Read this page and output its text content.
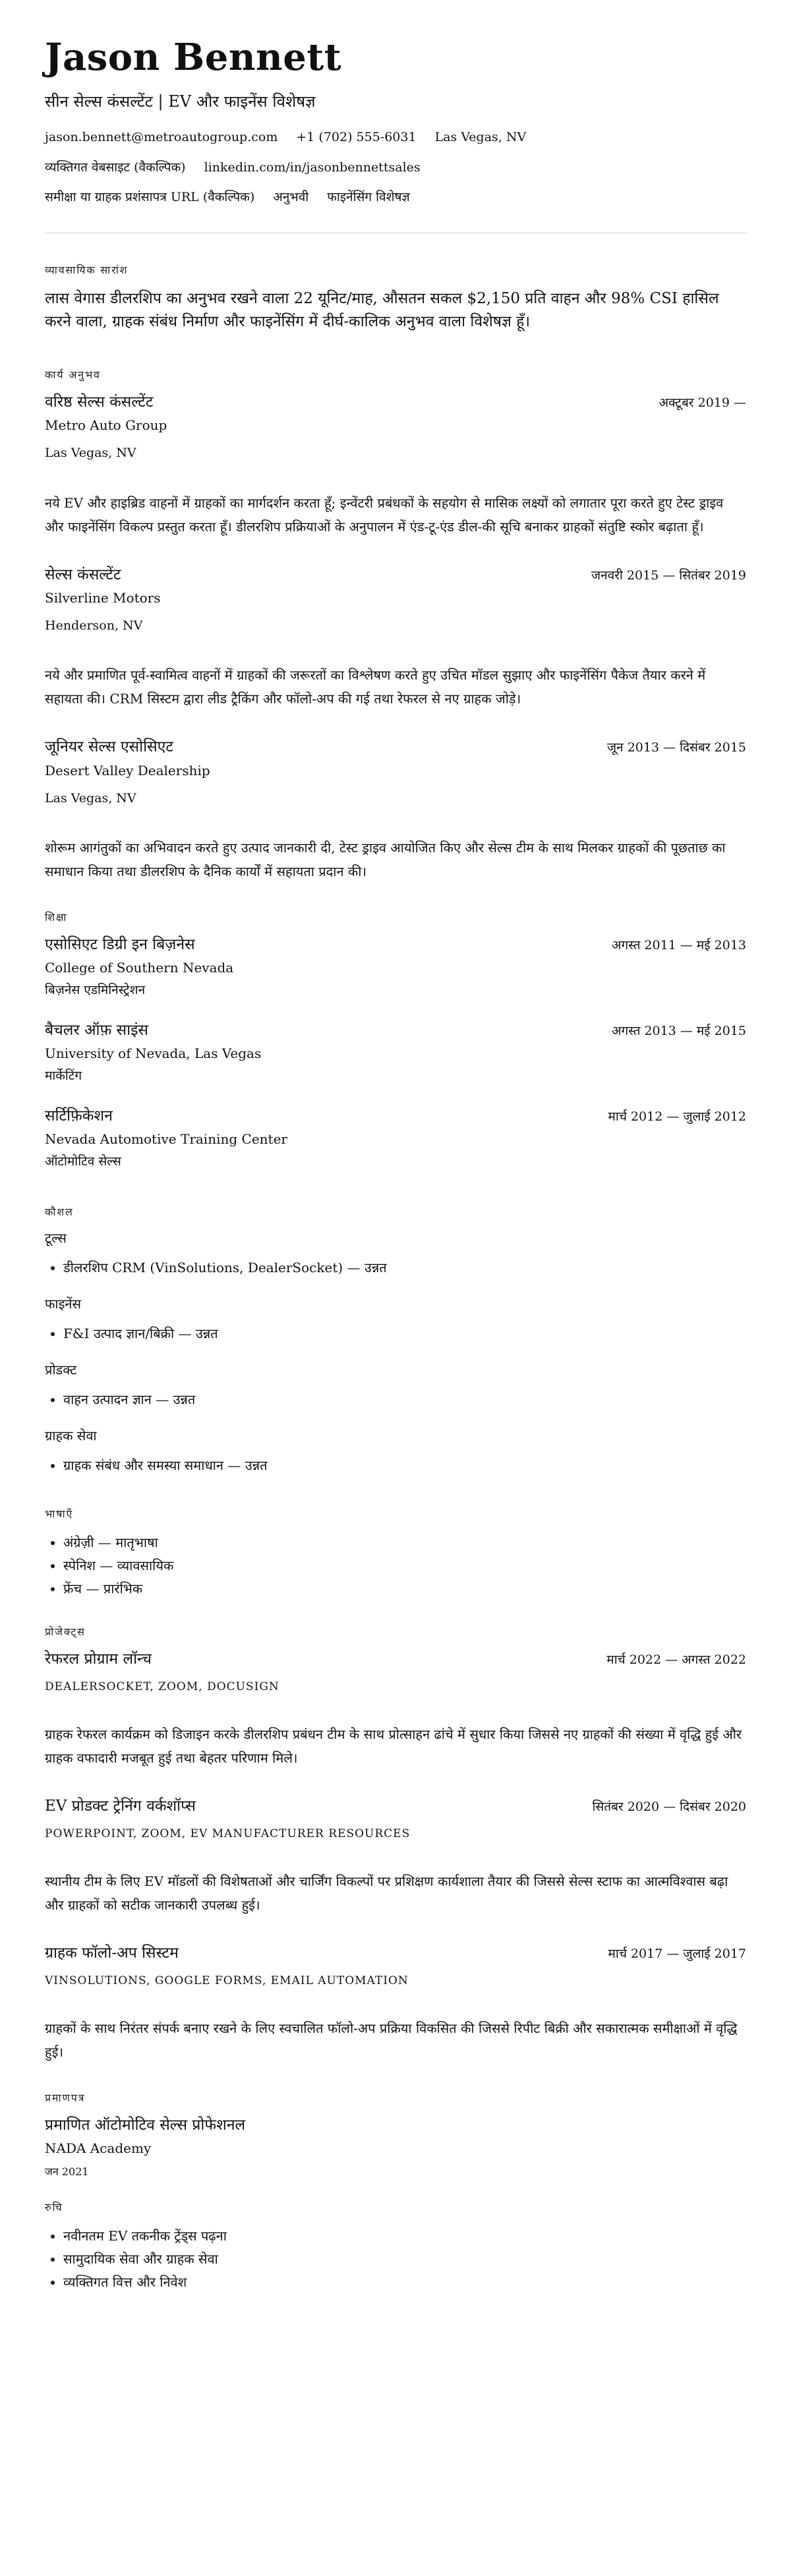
Jason Bennett
सीन सेल्स कंसल्टेंट | EV और फाइनेंस विशेषज्ञ
jason.bennett@metroautogroup.com +1 (702) 555-6031 Las Vegas, NV
व्यक्तिगत वेबसाइट (वैकल्पिक) linkedin.com/in/jasonbennettsales
समीक्षा या ग्राहक प्रशंसापत्र URL (वैकल्पिक) अनुभवी फाइनेंसिंग विशेषज्ञ
व्यावसायिक सारांश

लास वेगास डीलरशिप का अनुभव रखने वाला 22 यूनिट/माह, औसतन सकल $2,150 प्रति वाहन और 98% CSI हासिल करने वाला, ग्राहक संबंध निर्माण और फाइनेंसिंग में दीर्घ-कालिक अनुभव वाला विशेषज्ञ हूँ।

कार्य अनुभव
वरिष्ठ सेल्स कंसल्टेंट	अक्टूबर 2019 —
Metro Auto Group
Las Vegas, NV

नये EV और हाइब्रिड वाहनों में ग्राहकों का मार्गदर्शन करता हूँ; इन्वेंटरी प्रबंधकों के सहयोग से मासिक लक्ष्यों को लगातार पूरा करते हुए टेस्ट ड्राइव और फाइनेंसिंग विकल्प प्रस्तुत करता हूँ। डीलरशिप प्रक्रियाओं के अनुपालन में एंड-टू-एंड डील-की सूचि बनाकर ग्राहकों संतुष्टि स्कोर बढ़ाता हूँ।

सेल्स कंसल्टेंट	जनवरी 2015 — सितंबर 2019
Silverline Motors
Henderson, NV

नये और प्रमाणित पूर्व-स्वामित्व वाहनों में ग्राहकों की जरूरतों का विश्लेषण करते हुए उचित मॉडल सुझाए और फाइनेंसिंग पैकेज तैयार करने में सहायता की। CRM सिस्टम द्वारा लीड ट्रैकिंग और फॉलो-अप की गई तथा रेफरल से नए ग्राहक जोड़े।

जूनियर सेल्स एसोसिएट	जून 2013 — दिसंबर 2015
Desert Valley Dealership
Las Vegas, NV

शोरूम आगंतुकों का अभिवादन करते हुए उत्पाद जानकारी दी, टेस्ट ड्राइव आयोजित किए और सेल्स टीम के साथ मिलकर ग्राहकों की पूछताछ का समाधान किया तथा डीलरशिप के दैनिक कार्यों में सहायता प्रदान की।

शिक्षा
एसोसिएट डिग्री इन बिज़नेस	अगस्त 2011 — मई 2013
College of Southern Nevada
बिज़नेस एडमिनिस्ट्रेशन
बैचलर ऑफ़ साइंस	अगस्त 2013 — मई 2015
University of Nevada, Las Vegas
मार्केटिंग
सर्टिफ़िकेशन	मार्च 2012 — जुलाई 2012
Nevada Automotive Training Center
ऑटोमोटिव सेल्स
कौशल
टूल्स
• डीलरशिप CRM (VinSolutions, DealerSocket) — उन्नत
फाइनेंस
• F&I उत्पाद ज्ञान/बिक्री — उन्नत
प्रोडक्ट
• वाहन उत्पादन ज्ञान — उन्नत
ग्राहक सेवा
• ग्राहक संबंध और समस्या समाधान — उन्नत
भाषाएँ
• अंग्रेज़ी — मातृभाषा
• स्पेनिश — व्यावसायिक
• फ्रेंच — प्रारंभिक
प्रोजेक्ट्स
रेफरल प्रोग्राम लॉन्च	मार्च 2022 — अगस्त 2022
DEALERSOCKET, ZOOM, DOCUSIGN

ग्राहक रेफरल कार्यक्रम को डिजाइन करके डीलरशिप प्रबंधन टीम के साथ प्रोत्साहन ढांचे में सुधार किया जिससे नए ग्राहकों की संख्या में वृद्धि हुई और ग्राहक वफादारी मजबूत हुई तथा बेहतर परिणाम मिले।

EV प्रोडक्ट ट्रेनिंग वर्कशॉप्स	सितंबर 2020 — दिसंबर 2020
POWERPOINT, ZOOM, EV MANUFACTURER RESOURCES

स्थानीय टीम के लिए EV मॉडलों की विशेषताओं और चार्जिंग विकल्पों पर प्रशिक्षण कार्यशाला तैयार की जिससे सेल्स स्टाफ का आत्मविश्वास बढ़ा और ग्राहकों को सटीक जानकारी उपलब्ध हुई।

ग्राहक फॉलो-अप सिस्टम	मार्च 2017 — जुलाई 2017
VINSOLUTIONS, GOOGLE FORMS, EMAIL AUTOMATION

ग्राहकों के साथ निरंतर संपर्क बनाए रखने के लिए स्वचालित फॉलो-अप प्रक्रिया विकसित की जिससे रिपीट बिक्री और सकारात्मक समीक्षाओं में वृद्धि हुई।

प्रमाणपत्र
प्रमाणित ऑटोमोटिव सेल्स प्रोफेशनल
NADA Academy
जन 2021
रुचि
• नवीनतम EV तकनीक ट्रेंड्स पढ़ना
• सामुदायिक सेवा और ग्राहक सेवा
• व्यक्तिगत वित्त और निवेश
